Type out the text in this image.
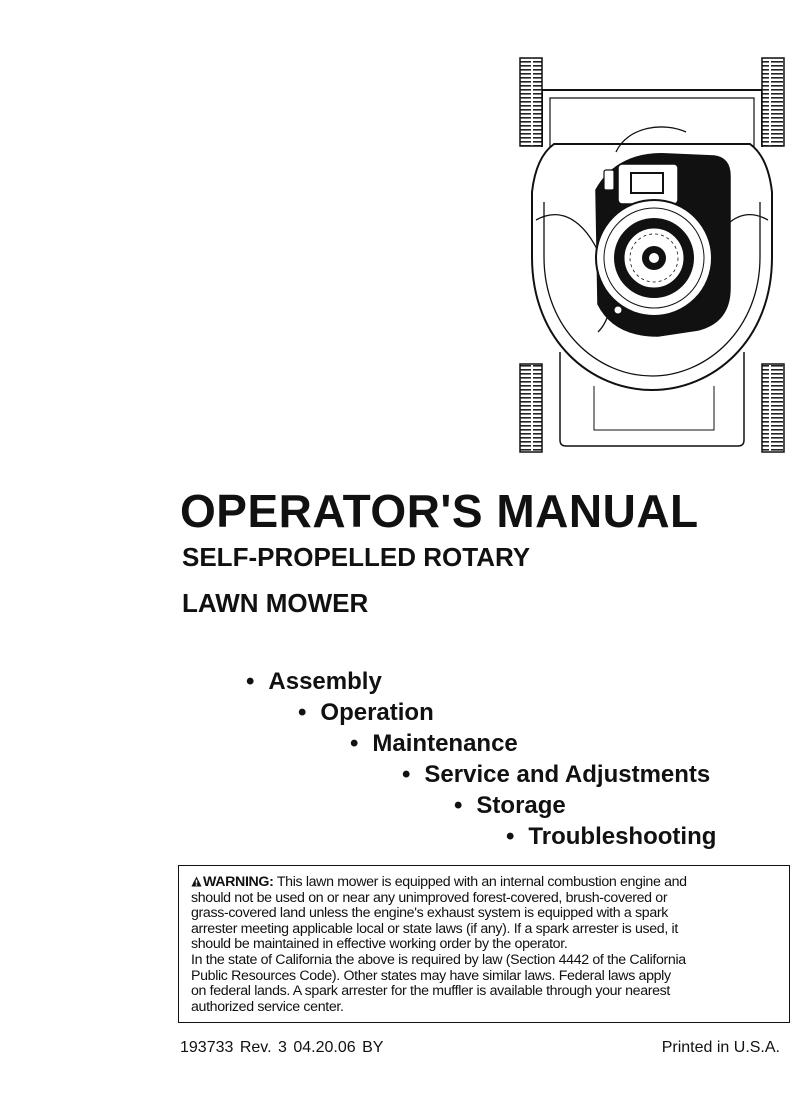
OPERATOR'S MANUAL
SELF-PROPELLED ROTARY
LAWN MOWER
• Assembly
• Operation
• Maintenance
• Service and Adjustments
• Storage
• Troubleshooting
WARNING: This lawn mower is equipped with an internal combustion engine and
should not be used on or near any unimproved forest-covered, brush-covered or
grass-covered land unless the engine's exhaust system is equipped with a spark
arrester meeting applicable local or state laws (if any). If a spark arrester is used, it
should be maintained in effective working order by the operator.
In the state of California the above is required by law (Section 4442 of the California
Public Resources Code). Other states may have similar laws. Federal laws apply
on federal lands. A spark arrester for the muffler is available through your nearest
authorized service center.
193733 Rev. 3 04.20.06 BY	Printed in U.S.A.
